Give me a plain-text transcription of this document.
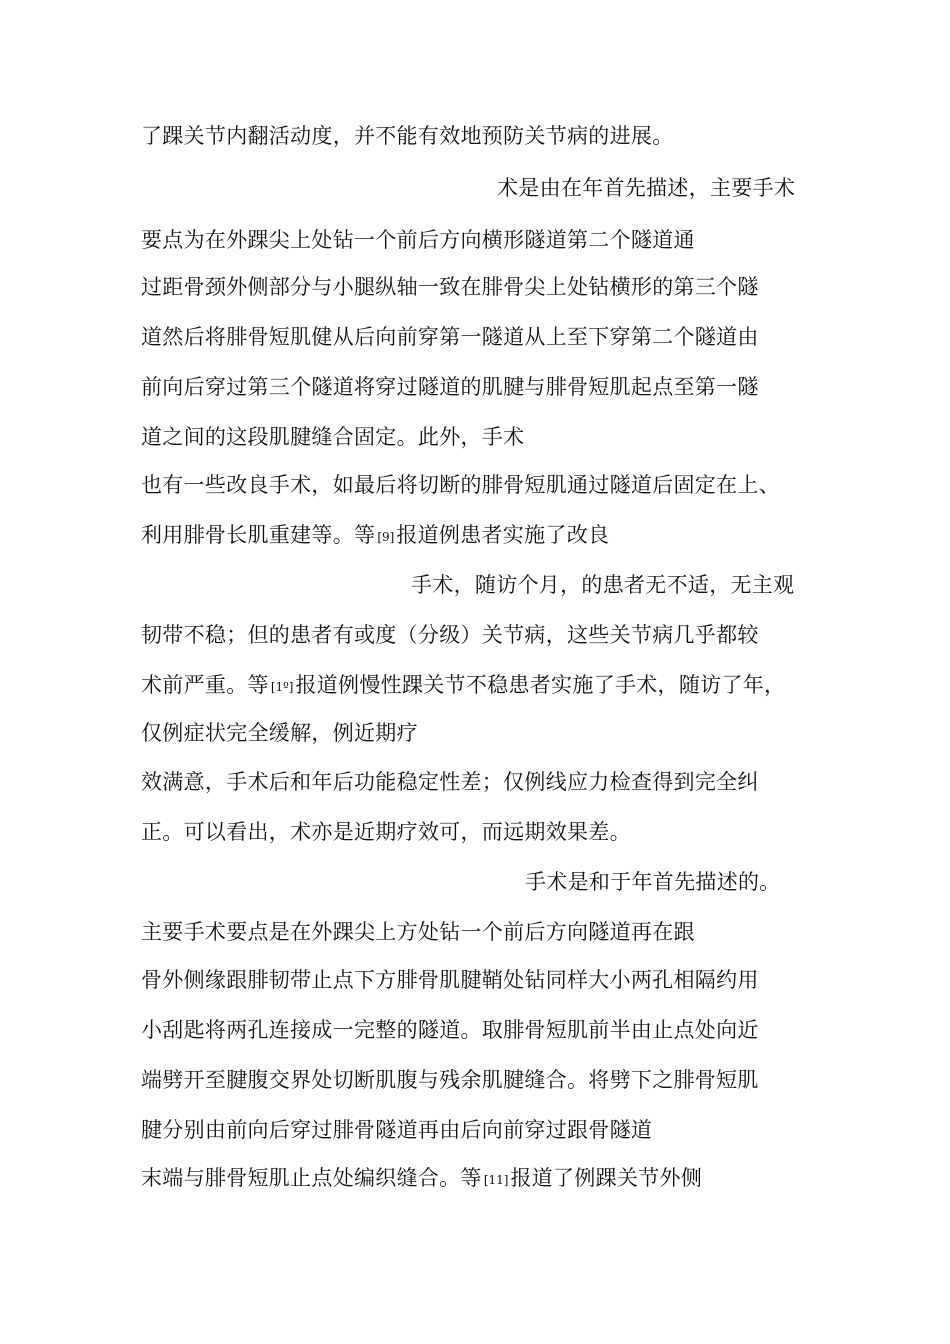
了踝关节内翻活动度，并不能有效地预防关节病的进展。
术是由在年首先描述，主要手术
要点为在外踝尖上处钻一个前后方向横形隧道第二个隧道通
过距骨颈外侧部分与小腿纵轴一致在腓骨尖上处钻横形的第三个隧
道然后将腓骨短肌健从后向前穿第一隧道从上至下穿第二个隧道由
前向后穿过第三个隧道将穿过隧道的肌腱与腓骨短肌起点至第一隧
道之间的这段肌腱缝合固定。此外，手术
也有一些改良手术，如最后将切断的腓骨短肌通过隧道后固定在上、
利用腓骨长肌重建等。等 [9]报道例患者实施了改良
手术，随访个月，的患者无不适，无主观
韧带不稳；但的患者有或度（分级）关节病，这些关节病几乎都较
术前严重。等 [1º]报道例慢性踝关节不稳患者实施了手术，随访了年，
仅例症状完全缓解，例近期疗
效满意，手术后和年后功能稳定性差；仅例线应力检查得到完全纠
正。可以看出，术亦是近期疗效可，而远期效果差。
手术是和于年首先描述的。
主要手术要点是在外踝尖上方处钻一个前后方向隧道再在跟
骨外侧缘跟腓韧带止点下方腓骨肌腱鞘处钻同样大小两孔相隔约用
小刮匙将两孔连接成一完整的隧道。取腓骨短肌前半由止点处向近
端劈开至腱腹交界处切断肌腹与残余肌腱缝合。将劈下之腓骨短肌
腱分别由前向后穿过腓骨隧道再由后向前穿过跟骨隧道
末端与腓骨短肌止点处编织缝合。等 [11]报道了例踝关节外侧
